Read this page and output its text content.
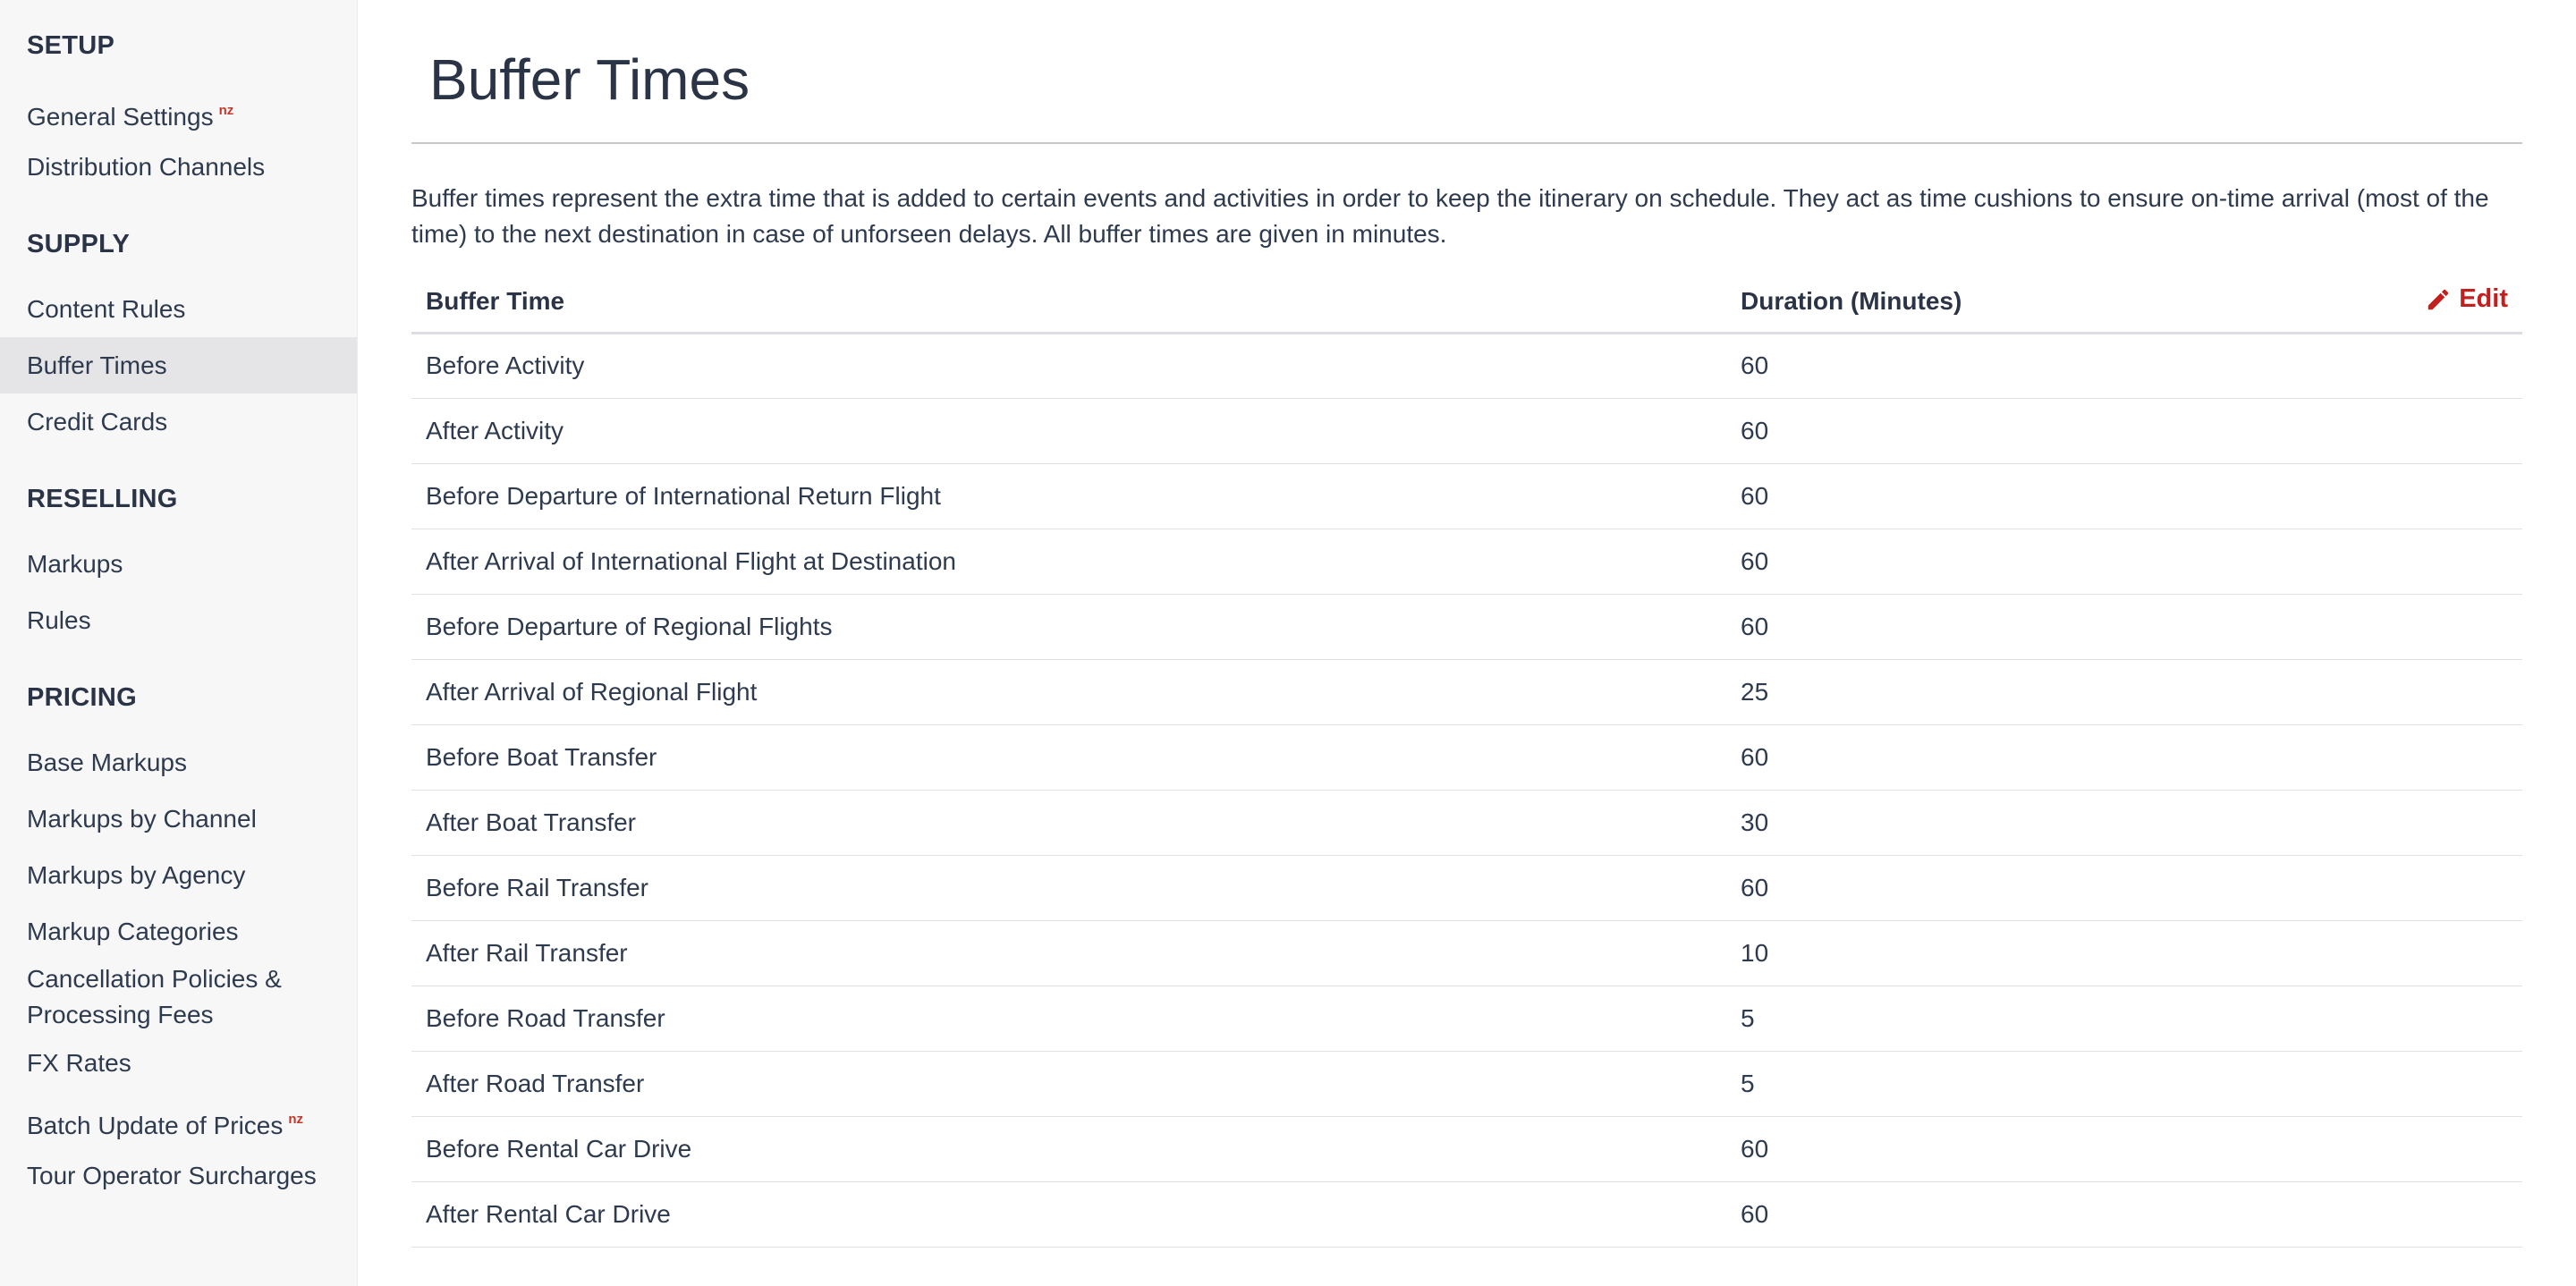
SETUP
General Settings $^{nz}$
Distribution Channels
SUPPLY
Content Rules
Buffer Times
Credit Cards
RESELLING
Markups
Rules
PRICING
Base Markups
Markups by Channel
Markups by Agency
Markup Categories
Cancellation Policies & Processing Fees
FX Rates
Batch Update of Prices $^{nz}$
Tour Operator Surcharges
Buffer Times

Buffer times represent the extra time that is added to certain events and activities in order to keep the itinerary on schedule. They act as time cushions to ensure on-time arrival (most of the time) to the next destination in case of unforseen delays. All buffer times are given in minutes.

Buffer Time	Duration (Minutes)	Edit

Before Activity	60	
After Activity	60	
Before Departure of International Return Flight	60	
After Arrival of International Flight at Destination	60	
Before Departure of Regional Flights	60	
After Arrival of Regional Flight	25	
Before Boat Transfer	60	
After Boat Transfer	30	
Before Rail Transfer	60	
After Rail Transfer	10	
Before Road Transfer	5	
After Road Transfer	5	
Before Rental Car Drive	60	
After Rental Car Drive	60	
